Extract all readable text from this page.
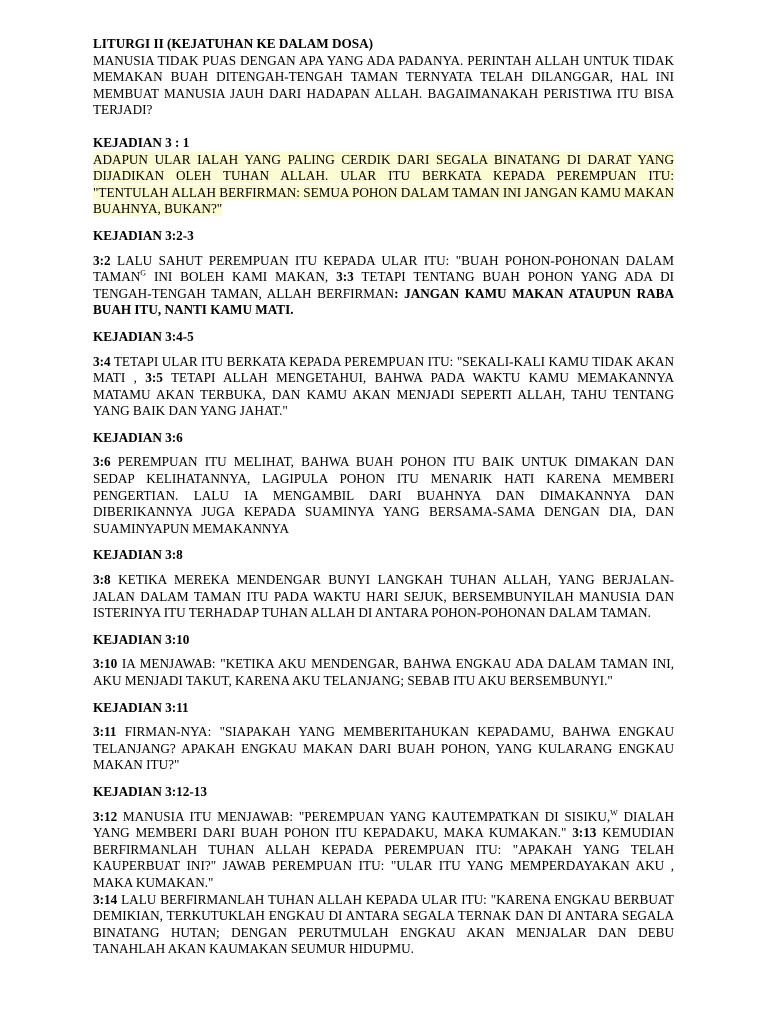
LITURGI II (KEJATUHAN KE DALAM DOSA)

MANUSIA TIDAK PUAS DENGAN APA YANG ADA PADANYA. PERINTAH ALLAH UNTUK TIDAK MEMAKAN BUAH DITENGAH-TENGAH TAMAN TERNYATA TELAH DILANGGAR, HAL INI MEMBUAT MANUSIA JAUH DARI HADAPAN ALLAH. BAGAIMANAKAH PERISTIWA ITU BISA TERJADI?

KEJADIAN 3 : 1

ADAPUN ULAR IALAH YANG PALING CERDIK DARI SEGALA BINATANG DI DARAT YANG DIJADIKAN OLEH TUHAN ALLAH. ULAR ITU BERKATA KEPADA PEREMPUAN ITU: "TENTULAH ALLAH BERFIRMAN: SEMUA POHON DALAM TAMAN INI JANGAN KAMU MAKAN BUAHNYA, BUKAN?"

KEJADIAN 3:2-3

3:2 LALU SAHUT PEREMPUAN ITU KEPADA ULAR ITU: "BUAH POHON-POHONAN DALAM $TAMAN^G$ INI BOLEH KAMI MAKAN, 3:3 TETAPI TENTANG BUAH POHON YANG ADA DI TENGAH-TENGAH TAMAN, ALLAH BERFIRMAN: JANGAN KAMU MAKAN ATAUPUN RABA BUAH ITU, NANTI KAMU MATI.

KEJADIAN 3:4-5

3:4 TETAPI ULAR ITU BERKATA KEPADA PEREMPUAN ITU: "SEKALI-KALI KAMU TIDAK AKAN MATI , 3:5 TETAPI ALLAH MENGETAHUI, BAHWA PADA WAKTU KAMU MEMAKANNYA MATAMU AKAN TERBUKA, DAN KAMU AKAN MENJADI SEPERTI ALLAH, TAHU TENTANG YANG BAIK DAN YANG JAHAT."

KEJADIAN 3:6

3:6 PEREMPUAN ITU MELIHAT, BAHWA BUAH POHON ITU BAIK UNTUK DIMAKAN DAN SEDAP KELIHATANNYA, LAGIPULA POHON ITU MENARIK HATI KARENA MEMBERI PENGERTIAN. LALU IA MENGAMBIL DARI BUAHNYA DAN DIMAKANNYA DAN DIBERIKANNYA JUGA KEPADA SUAMINYA YANG BERSAMA-SAMA DENGAN DIA, DAN SUAMINYAPUN MEMAKANNYA

KEJADIAN 3:8

3:8 KETIKA MEREKA MENDENGAR BUNYI LANGKAH TUHAN ALLAH, YANG BERJALAN-JALAN DALAM TAMAN ITU PADA WAKTU HARI SEJUK, BERSEMBUNYILAH MANUSIA DAN ISTERINYA ITU TERHADAP TUHAN ALLAH DI ANTARA POHON-POHONAN DALAM TAMAN.

KEJADIAN 3:10

3:10 IA MENJAWAB: "KETIKA AKU MENDENGAR, BAHWA ENGKAU ADA DALAM TAMAN INI, AKU MENJADI TAKUT, KARENA AKU TELANJANG; SEBAB ITU AKU BERSEMBUNYI."

KEJADIAN 3:11

3:11 FIRMAN-NYA: "SIAPAKAH YANG MEMBERITAHUKAN KEPADAMU, BAHWA ENGKAU TELANJANG? APAKAH ENGKAU MAKAN DARI BUAH POHON, YANG KULARANG ENGKAU MAKAN ITU?"

KEJADIAN 3:12-13

3:12 MANUSIA ITU MENJAWAB: "PEREMPUAN YANG KAUTEMPATKAN DI SISIKU,$^W$ DIALAH YANG MEMBERI DARI BUAH POHON ITU KEPADAKU, MAKA KUMAKAN." 3:13 KEMUDIAN BERFIRMANLAH TUHAN ALLAH KEPADA PEREMPUAN ITU: "APAKAH YANG TELAH KAUPERBUAT INI?" JAWAB PEREMPUAN ITU: "ULAR ITU YANG MEMPERDAYAKAN AKU , MAKA KUMAKAN."

3:14 LALU BERFIRMANLAH TUHAN ALLAH KEPADA ULAR ITU: "KARENA ENGKAU BERBUAT DEMIKIAN, TERKUTUKLAH ENGKAU DI ANTARA SEGALA TERNAK DAN DI ANTARA SEGALA BINATANG HUTAN; DENGAN PERUTMULAH ENGKAU AKAN MENJALAR DAN DEBU TANAHLAH AKAN KAUMAKAN SEUMUR HIDUPMU.
